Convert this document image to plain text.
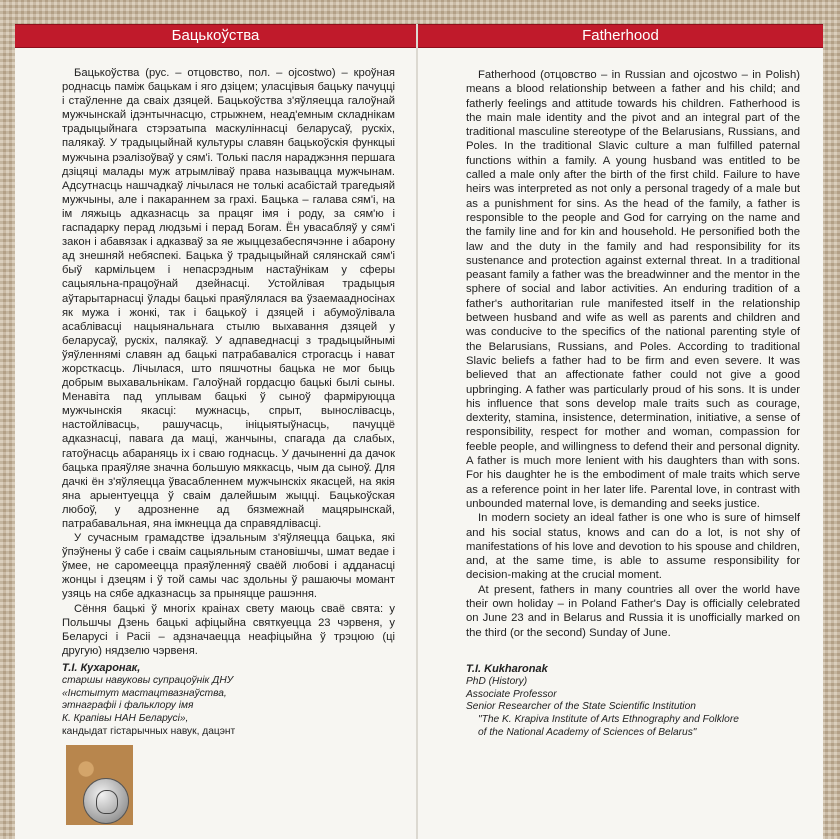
Бацькоўства

Бацькоўства (рус. – отцовство, пол. – ojcostwo) – кроўная роднасць паміж бацькам і яго дзіцем; уласцівыя бацьку пачуцці і стаўленне да сваіх дзяцей. Бацькоўства з'яўляецца галоўнай мужчынскай ідэнтычнасцю, стрыжнем, неад'емным складнікам традыцыйнага стэрэатыпа маскуліннасці беларусаў, рускіх, палякаў. У традыцыйнай культуры славян бацькоўскія функцыі мужчына рэалізоўваў у сям'і. Толькі пасля нараджэння першага дзіцяці малады муж атрымліваў права называцца мужчынам. Адсутнасць нашчадкаў лічылася не толькі асабістай трагедыяй мужчыны, але і пакараннем за грахі. Бацька – галава сям'і, на ім ляжыць адказнасць за працяг імя і роду, за сям'ю і гаспадарку перад людзьмі і перад Богам. Ён увасабляў у сям'і закон і абавязак і адказваў за яе жыццезабеспячэнне і абарону ад знешняй небяспекі. Бацька ў традыцыйнай сялянскай сям'і быў кармільцем і непасрэдным настаўнікам у сферы сацыяльна-працоўнай дзейнасці. Устойлівая традыцыя аўтарытарнасці ўлады бацькі праяўлялася ва ўзаемаадносінах як мужа і жонкі, так і бацькоў і дзяцей і абумоўлівала асаблівасці нацыянальнага стылю выхавання дзяцей у беларусаў, рускіх, палякаў. У адпаведнасці з традыцыйнымі ўяўленнямі славян ад бацькі патрабаваліся строгасць і нават жорсткасць. Лічылася, што пяшчотны бацька не мог быць добрым выхавальнікам. Галоўнай гордасцю бацькі былі сыны. Менавіта пад уплывам бацькі ў сыноў фарміруюцца мужчынскія якасці: мужнасць, спрыт, вынослівасць, настойлівасць, рашучасць, ініцыятыўнасць, пачуццё адказнасці, павага да маці, жанчыны, спагада да слабых, гатоўнасць абараняць іх і сваю годнасць. У дачыненні да дачок бацька праяўляе значна большую мяккасць, чым да сыноў. Для дачкі ён з'яўляецца ўвасабленнем мужчынскіх якасцей, на якія яна арыентуецца ў сваім далейшым жыцці. Бацькоўская любоў, у адрозненне ад бязмежнай мацярынскай, патрабавальная, яна імкнецца да справядлівасці.

У сучасным грамадстве ідэальным з'яўляецца бацька, які ўпэўнены ў сабе і сваім сацыяльным становішчы, шмат ведае і ўмее, не саромеецца праяўленняў сваёй любові і адданасці жонцы і дзецям і ў той самы час здольны ў рашаючы момант узяць на сябе адказнасць за прыняцце рашэння.

Сёння бацькі ў многіх краінах свету маюць сваё свята: у Польшчы Дзень бацькі афіцыйна святкуецца 23 чэрвеня, у Беларусі і Расіі – адзначаецца неафіцыйна ў трэцюю (ці другую) нядзелю чэрвеня.

Т.І. Кухаронак,
старшы навуковы супрацоўнік ДНУ
«Інстытут мастацтвазнаўства,
этнаграфіі і фальклору імя
К. Крапівы НАН Беларусі»,
кандыдат гістарычных навук, дацэнт
Fatherhood

Fatherhood (отцовство – in Russian and ojcostwo – in Polish) means a blood relationship between a father and his child; and fatherly feelings and attitude towards his children. Fatherhood is the main male identity and the pivot and an integral part of the traditional masculine stereotype of the Belarusians, Russians, and Poles. In the traditional Slavic culture a man fulfilled paternal functions within a family. A young husband was entitled to be called a male only after the birth of the first child. Failure to have heirs was interpreted as not only a personal tragedy of a male but as a punishment for sins. As the head of the family, a father is responsible to the people and God for carrying on the name and the family line and for kin and household. He personified both the law and the duty in the family and had responsibility for its sustenance and protection against external threat. In a traditional peasant family a father was the breadwinner and the mentor in the sphere of social and labor activities. An enduring tradition of a father's authoritarian rule manifested itself in the relationship between husband and wife as well as parents and children and was conducive to the specifics of the national parenting style of the Belarusians, Russians, and Poles. According to traditional Slavic beliefs a father had to be firm and even severe. It was believed that an affectionate father could not give a good upbringing. A father was particularly proud of his sons. It is under his influence that sons develop male traits such as courage, dexterity, stamina, insistence, determination, initiative, a sense of responsibility, respect for mother and woman, compassion for feeble people, and willingness to defend their and personal dignity. A father is much more lenient with his daughters than with sons. For his daughter he is the embodiment of male traits which serve as a reference point in her later life. Parental love, in contrast with unbounded maternal love, is demanding and seeks justice.

In modern society an ideal father is one who is sure of himself and his social status, knows and can do a lot, is not shy of manifestations of his love and devotion to his spouse and children, and, at the same time, is able to assume responsibility for decision-making at the crucial moment.

At present, fathers in many countries all over the world have their own holiday – in Poland Father's Day is officially celebrated on June 23 and in Belarus and Russia it is unofficially marked on the third (or the second) Sunday of June.

T.I. Kukharonak
PhD (History)
Associate Professor
Senior Researcher of the State Scientific Institution
"The K. Krapiva Institute of Arts Ethnography and Folklore
of the National Academy of Sciences of Belarus"
